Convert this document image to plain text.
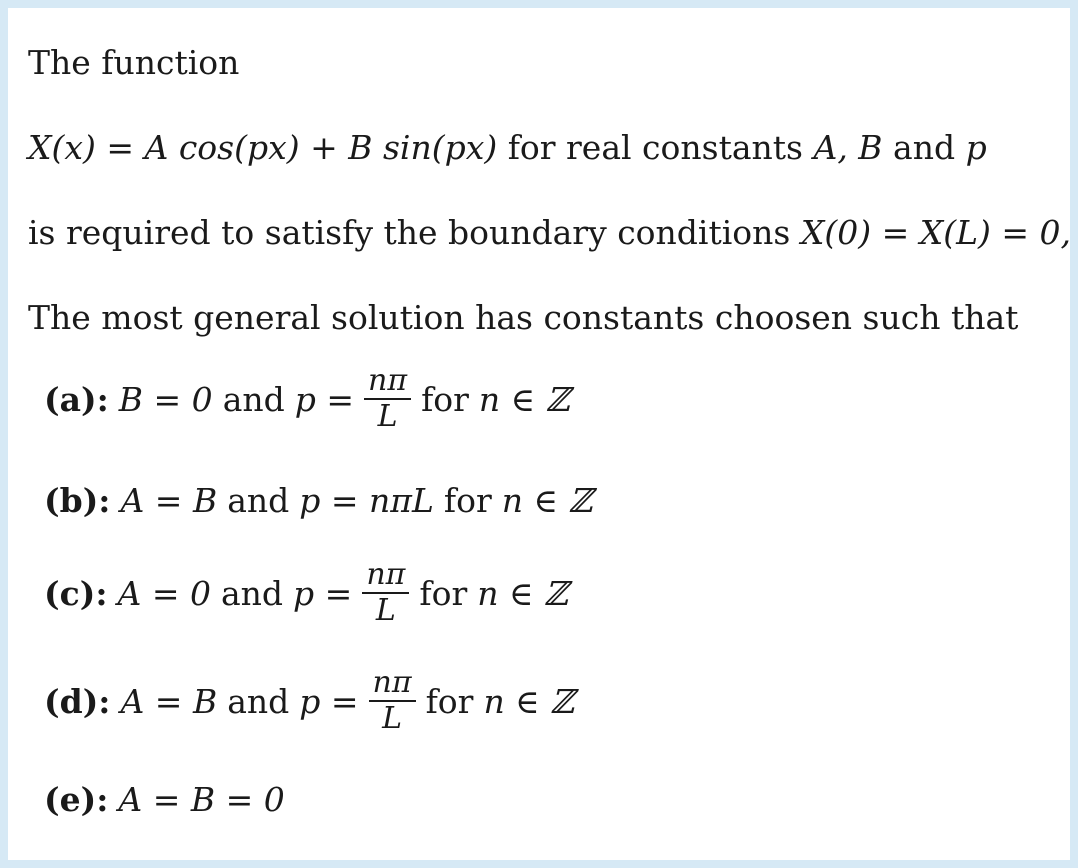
The function
X(x) = A cos(px) + B sin(px) for real constants A, B and p
is required to satisfy the boundary conditions X(0) = X(L) = 0,
The most general solution has constants choosen such that
(a): B = 0 and $p = \frac{n\pi}{L}$ for n ∈ ℤ
(b): A = B and p = nπL for n ∈ ℤ
(c): A = 0 and $p = \frac{n\pi}{L}$ for n ∈ ℤ
(d): A = B and $p = \frac{n\pi}{L}$ for n ∈ ℤ
(e): A = B = 0
